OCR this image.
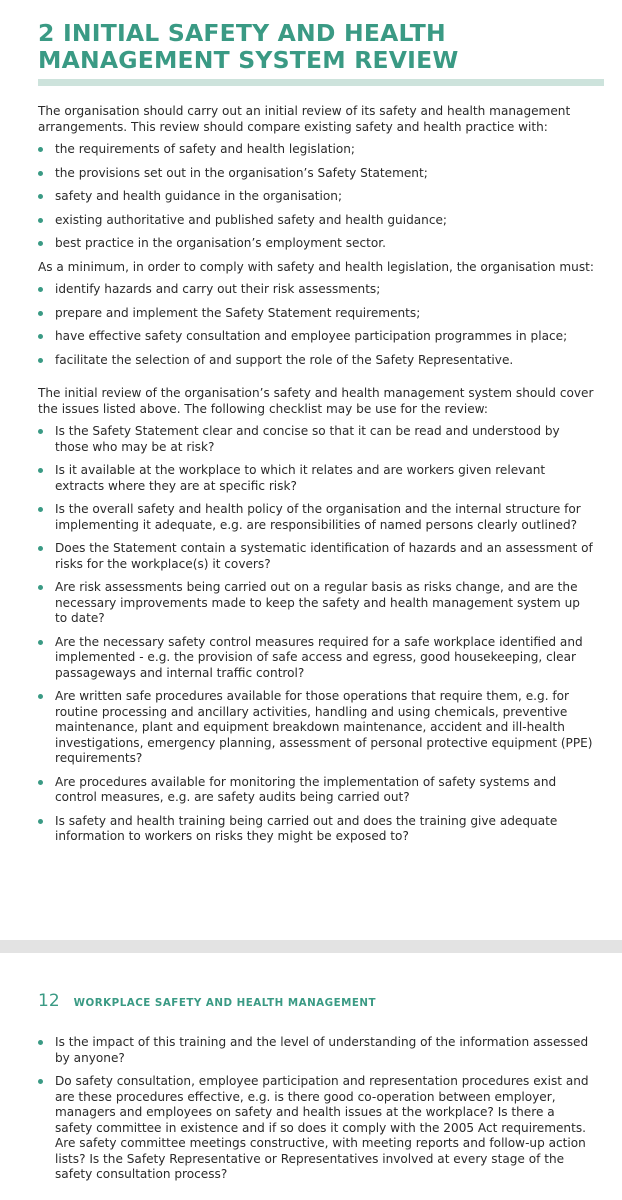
2 INITIAL SAFETY AND HEALTH MANAGEMENT SYSTEM REVIEW

The organisation should carry out an initial review of its safety and health management arrangements. This review should compare existing safety and health practice with:

the requirements of safety and health legislation;
the provisions set out in the organisation’s Safety Statement;
safety and health guidance in the organisation;
existing authoritative and published safety and health guidance;
best practice in the organisation’s employment sector.

As a minimum, in order to comply with safety and health legislation, the organisation must:

identify hazards and carry out their risk assessments;
prepare and implement the Safety Statement requirements;
have effective safety consultation and employee participation programmes in place;
facilitate the selection of and support the role of the Safety Representative.

The initial review of the organisation’s safety and health management system should cover the issues listed above. The following checklist may be use for the review:

Is the Safety Statement clear and concise so that it can be read and understood by those who may be at risk?
Is it available at the workplace to which it relates and are workers given relevant extracts where they are at specific risk?
Is the overall safety and health policy of the organisation and the internal structure for implementing it adequate, e.g. are responsibilities of named persons clearly outlined?
Does the Statement contain a systematic identification of hazards and an assessment of risks for the workplace(s) it covers?
Are risk assessments being carried out on a regular basis as risks change, and are the necessary improvements made to keep the safety and health management system up to date?
Are the necessary safety control measures required for a safe workplace identified and implemented - e.g. the provision of safe access and egress, good housekeeping, clear passageways and internal traffic control?
Are written safe procedures available for those operations that require them, e.g. for routine processing and ancillary activities, handling and using chemicals, preventive maintenance, plant and equipment breakdown maintenance, accident and ill-health investigations, emergency planning, assessment of personal protective equipment (PPE) requirements?
Are procedures available for monitoring the implementation of safety systems and control measures, e.g. are safety audits being carried out?
Is safety and health training being carried out and does the training give adequate information to workers on risks they might be exposed to?
12 WORKPLACE SAFETY AND HEALTH MANAGEMENT
Is the impact of this training and the level of understanding of the information assessed by anyone?
Do safety consultation, employee participation and representation procedures exist and are these procedures effective, e.g. is there good co-operation between employer, managers and employees on safety and health issues at the workplace? Is there a safety committee in existence and if so does it comply with the 2005 Act requirements. Are safety committee meetings constructive, with meeting reports and follow-up action lists? Is the Safety Representative or Representatives involved at every stage of the safety consultation process?
